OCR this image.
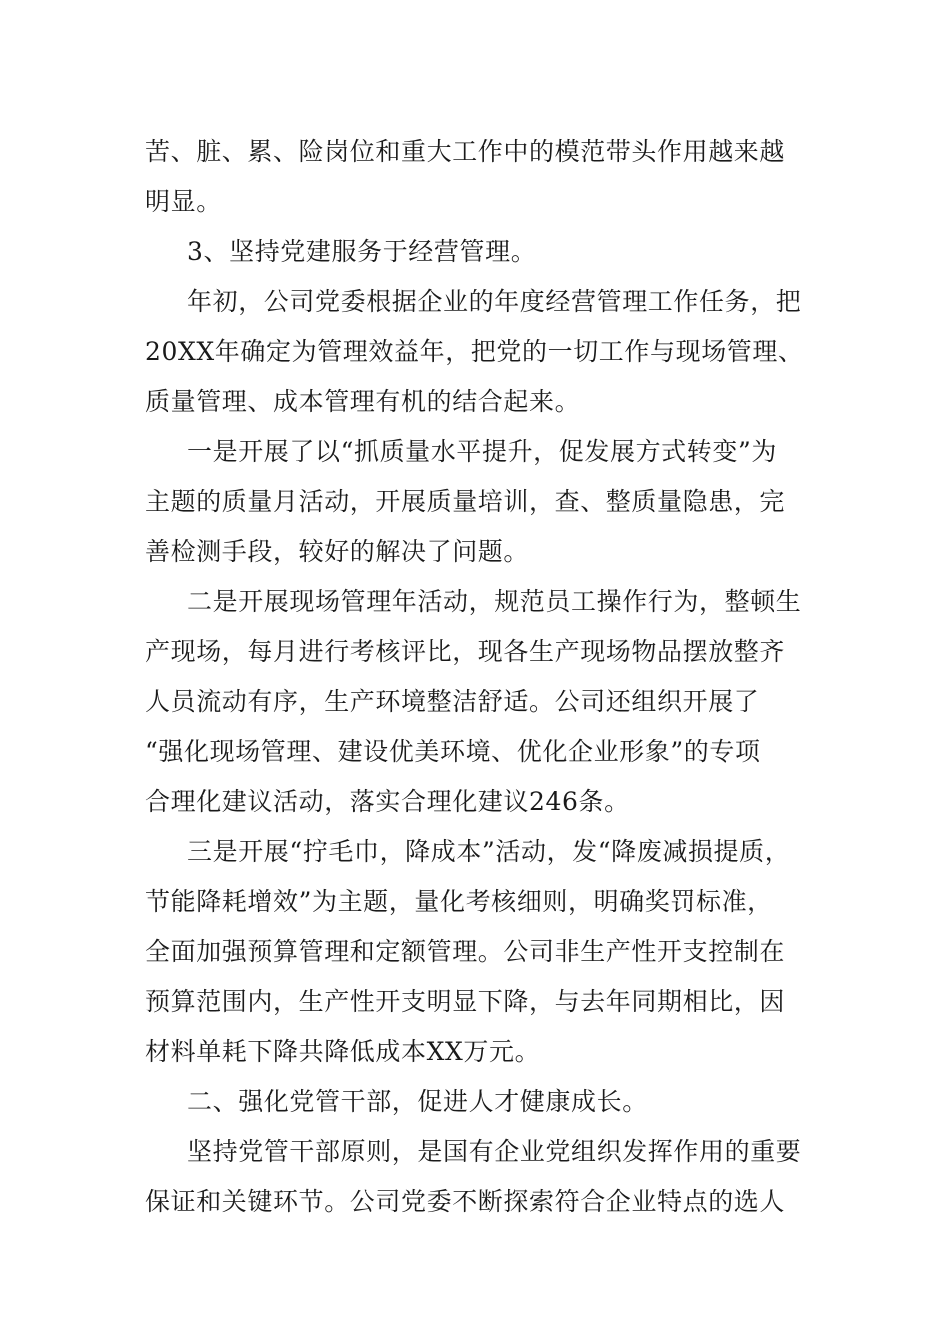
苦、脏、累、险岗位和重大工作中的模范带头作用越来越
明显。
3、坚持党建服务于经营管理。
年初，公司党委根据企业的年度经营管理工作任务，把
20XX年确定为管理效益年，把党的一切工作与现场管理、
质量管理、成本管理有机的结合起来。
一是开展了以“抓质量水平提升，促发展方式转变”为
主题的质量月活动，开展质量培训，查、整质量隐患，完
善检测手段，较好的解决了问题。
二是开展现场管理年活动，规范员工操作行为，整顿生
产现场，每月进行考核评比，现各生产现场物品摆放整齐
人员流动有序，生产环境整洁舒适。公司还组织开展了
“强化现场管理、建设优美环境、优化企业形象”的专项
合理化建议活动，落实合理化建议246条。
三是开展“拧毛巾，降成本”活动，发“降废减损提质，
节能降耗增效”为主题，量化考核细则，明确奖罚标准，
全面加强预算管理和定额管理。公司非生产性开支控制在
预算范围内，生产性开支明显下降，与去年同期相比，因
材料单耗下降共降低成本XX万元。
二、强化党管干部，促进人才健康成长。
坚持党管干部原则，是国有企业党组织发挥作用的重要
保证和关键环节。公司党委不断探索符合企业特点的选人
